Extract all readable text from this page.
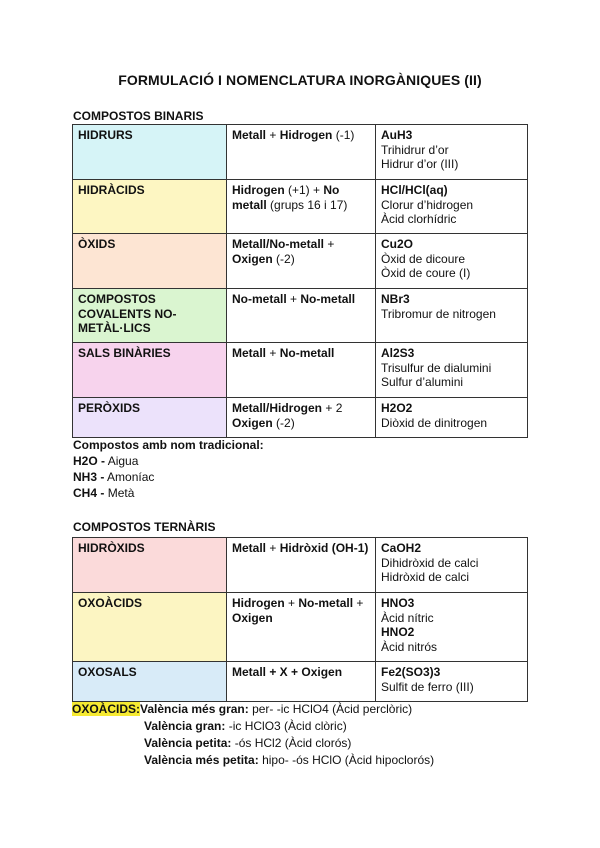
FORMULACIÓ I NOMENCLATURA INORGÀNIQUES (II)
COMPOSTOS BINARIS
HIDRURS	Metall + Hidrogen (-1)	AuH3
Trihidrur d’or
Hidrur d’or (III)

HIDRÀCIDS	Hidrogen (+1) + No metall (grups 16 i 17)	HCl/HCl(aq)
Clorur d’hidrogen
Àcid clorhídric

ÒXIDS	Metall/No-metall + Oxigen (-2)	Cu2O
Òxid de dicoure
Òxid de coure (I)

COMPOSTOS COVALENTS NO-METÀL·LICS	No-metall + No-metall	NBr3
Tribromur de nitrogen

SALS BINÀRIES	Metall + No-metall	Al2S3
Trisulfur de dialumini
Sulfur d’alumini

PERÒXIDS	Metall/Hidrogen + 2 Oxigen (-2)	H2O2
Diòxid de dinitrogen
Compostos amb nom tradicional:
H2O - Aigua
NH3 - Amoníac
CH4 - Metà
COMPOSTOS TERNÀRIS
HIDRÒXIDS	Metall + Hidròxid (OH-1)	CaOH2
Dihidròxid de calci
Hidròxid de calci

OXOÀCIDS	Hidrogen + No-metall + Oxigen	HNO3
Àcid nítric
HNO2
Àcid nitrós

OXOSALS	Metall + X + Oxigen	Fe2(SO3)3
Sulfit de ferro (III)
OXOÀCIDS:València més gran: per- -ic HClO4 (Àcid perclòric)
València gran: -ic HClO3 (Àcid clòric)
València petita: -ós HCl2 (Àcid clorós)
València més petita: hipo- -ós HClO (Àcid hipoclorós)
